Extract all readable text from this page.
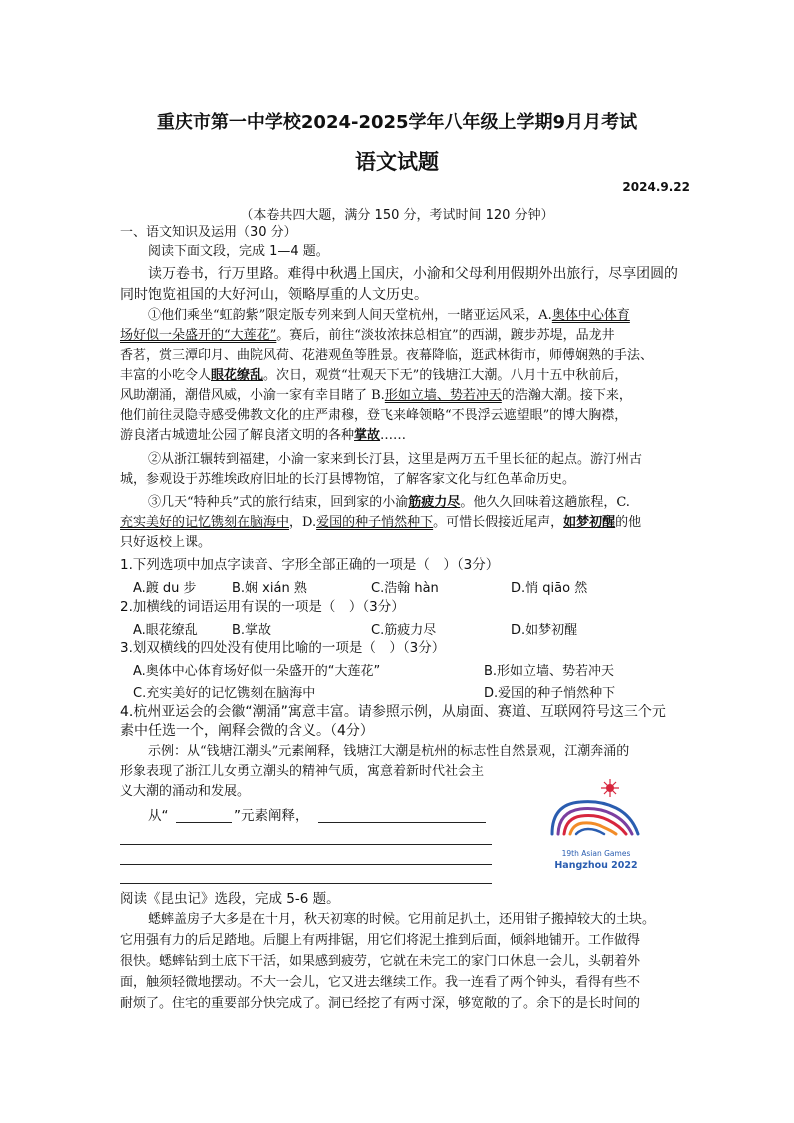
重庆市第一中学校2024-2025学年八年级上学期9月月考试
语文试题
2024.9.22
（本卷共四大题，满分 150 分，考试时间 120 分钟）
一、语文知识及运用（30 分）
阅读下面文段，完成 1—4 题。
读万卷书，行万里路。难得中秋遇上国庆，小渝和父母利用假期外出旅行，尽享团圆的
同时饱览祖国的大好河山，领略厚重的人文历史。
①他们乘坐“虹韵紫”限定版专列来到人间天堂杭州，一睹亚运风采，A.奥体中心体育
场好似一朵盛开的“大莲花”。赛后，前往“淡妆浓抹总相宜”的西湖，踱步苏堤，品龙井
香茗，赏三潭印月、曲院风荷、花港观鱼等胜景。夜幕降临，逛武林街市，师傅娴熟的手法、
丰富的小吃令人眼花缭乱。次日，观赏“壮观天下无”的钱塘江大潮。八月十五中秋前后，
风助潮涌，潮借风威，小渝一家有幸目睹了 B.形如立墙、势若冲天的浩瀚大潮。接下来，
他们前往灵隐寺感受佛教文化的庄严肃穆，登飞来峰领略“不畏浮云遮望眼”的博大胸襟，
游良渚古城遗址公园了解良渚文明的各种掌故……
②从浙江辗转到福建，小渝一家来到长汀县，这里是两万五千里长征的起点。游汀州古
城，参观设于苏维埃政府旧址的长汀县博物馆，了解客家文化与红色革命历史。
③几天“特种兵”式的旅行结束，回到家的小渝筋疲力尽。他久久回味着这趟旅程，C.
充实美好的记忆镌刻在脑海中，D.爱国的种子悄然种下。可惜长假接近尾声，如梦初醒的他
只好返校上课。
1.下列选项中加点字读音、字形全部正确的一项是（　）（3分）
A.踱 du 步	B.娴 xián 熟	C.浩翰 hàn	D.悄 qiāo 然
2.加横线的词语运用有误的一项是（　）（3分）
A.眼花缭乱	B.掌故	C.筋疲力尽	D.如梦初醒
3.划双横线的四处没有使用比喻的一项是（　）（3分）
A.奥体中心体育场好似一朵盛开的“大莲花”	B.形如立墙、势若冲天
C.充实美好的记忆镌刻在脑海中	D.爱国的种子悄然种下
4.杭州亚运会的会徽“潮涌”寓意丰富。请参照示例，从扇面、赛道、互联网符号这三个元
素中任选一个，阐释会微的含义。（4分）
示例：从“钱塘江潮头”元素阐释，钱塘江大潮是杭州的标志性自然景观，江潮奔涌的
形象表现了浙江儿女勇立潮头的精神气质，寓意着新时代社会主
义大潮的涌动和发展。
从“	”元素阐释，
19th Asian Games
Hangzhou 2022
阅读《昆虫记》选段，完成 5-6 题。
蟋蟀盖房子大多是在十月，秋天初寒的时候。它用前足扒土，还用钳子搬掉较大的土块。
它用强有力的后足踏地。后腿上有两排锯，用它们将泥土推到后面，倾斜地铺开。工作做得
很快。蟋蟀钻到土底下干活，如果感到疲劳，它就在未完工的家门口休息一会儿，头朝着外
面，触须轻微地摆动。不大一会儿，它又进去继续工作。我一连看了两个钟头，看得有些不
耐烦了。住宅的重要部分快完成了。洞已经挖了有两寸深，够宽敞的了。余下的是长时间的
